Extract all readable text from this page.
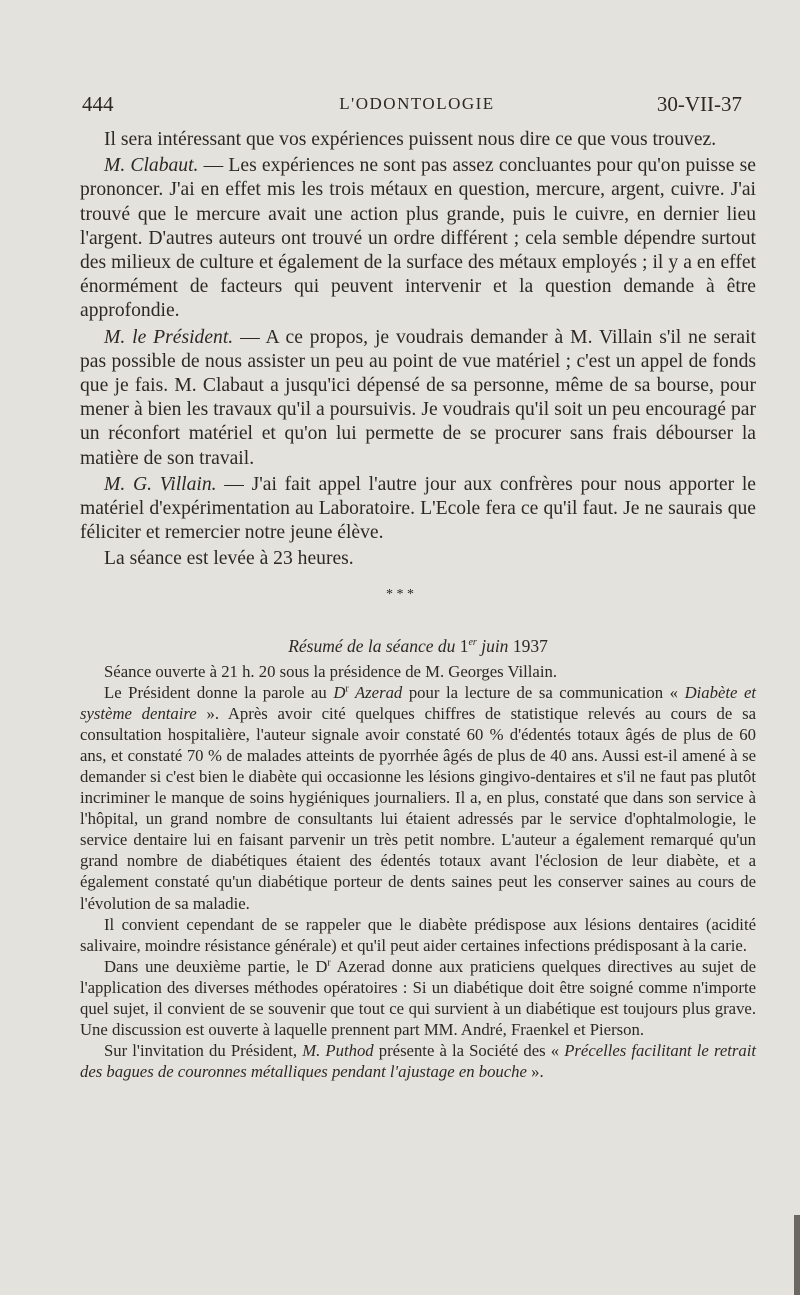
444	L'ODONTOLOGIE	30-VII-37

Il sera intéressant que vos expériences puissent nous dire ce que vous trouvez.

M. Clabaut. — Les expériences ne sont pas assez concluantes pour qu'on puisse se prononcer. J'ai en effet mis les trois métaux en question, mercure, argent, cuivre. J'ai trouvé que le mercure avait une action plus grande, puis le cuivre, en dernier lieu l'argent. D'autres auteurs ont trouvé un ordre différent ; cela semble dépendre surtout des milieux de culture et également de la surface des métaux employés ; il y a en effet énormément de facteurs qui peuvent intervenir et la question demande à être approfondie.

M. le Président. — A ce propos, je voudrais demander à M. Villain s'il ne serait pas possible de nous assister un peu au point de vue matériel ; c'est un appel de fonds que je fais. M. Clabaut a jusqu'ici dépensé de sa personne, même de sa bourse, pour mener à bien les travaux qu'il a poursuivis. Je voudrais qu'il soit un peu encouragé par un réconfort matériel et qu'on lui permette de se procurer sans frais débourser la matière de son travail.

M. G. Villain. — J'ai fait appel l'autre jour aux confrères pour nous apporter le matériel d'expérimentation au Laboratoire. L'Ecole fera ce qu'il faut. Je ne saurais que féliciter et remercier notre jeune élève.

La séance est levée à 23 heures.

* * *
Résumé de la séance du 1er juin 1937

Séance ouverte à 21 h. 20 sous la présidence de M. Georges Villain.

Le Président donne la parole au $D^r$ Azerad pour la lecture de sa communication « Diabète et système dentaire ». Après avoir cité quelques chiffres de statistique relevés au cours de sa consultation hospitalière, l'auteur signale avoir constaté 60 % d'édentés totaux âgés de plus de 60 ans, et constaté 70 % de malades atteints de pyorrhée âgés de plus de 40 ans. Aussi est-il amené à se demander si c'est bien le diabète qui occasionne les lésions gingivo-dentaires et s'il ne faut pas plutôt incriminer le manque de soins hygiéniques journaliers. Il a, en plus, constaté que dans son service à l'hôpital, un grand nombre de consultants lui étaient adressés par le service d'ophtalmologie, le service dentaire lui en faisant parvenir un très petit nombre. L'auteur a également remarqué qu'un grand nombre de diabétiques étaient des édentés totaux avant l'éclosion de leur diabète, et a également constaté qu'un diabétique porteur de dents saines peut les conserver saines au cours de l'évolution de sa maladie.

Il convient cependant de se rappeler que le diabète prédispose aux lésions dentaires (acidité salivaire, moindre résistance générale) et qu'il peut aider certaines infections prédisposant à la carie.

Dans une deuxième partie, le $D^r$ Azerad donne aux praticiens quelques directives au sujet de l'application des diverses méthodes opératoires : Si un diabétique doit être soigné comme n'importe quel sujet, il convient de se souvenir que tout ce qui survient à un diabétique est toujours plus grave. Une discussion est ouverte à laquelle prennent part MM. André, Fraenkel et Pierson.

Sur l'invitation du Président, M. Puthod présente à la Société des « Précelles facilitant le retrait des bagues de couronnes métalliques pendant l'ajustage en bouche ».
